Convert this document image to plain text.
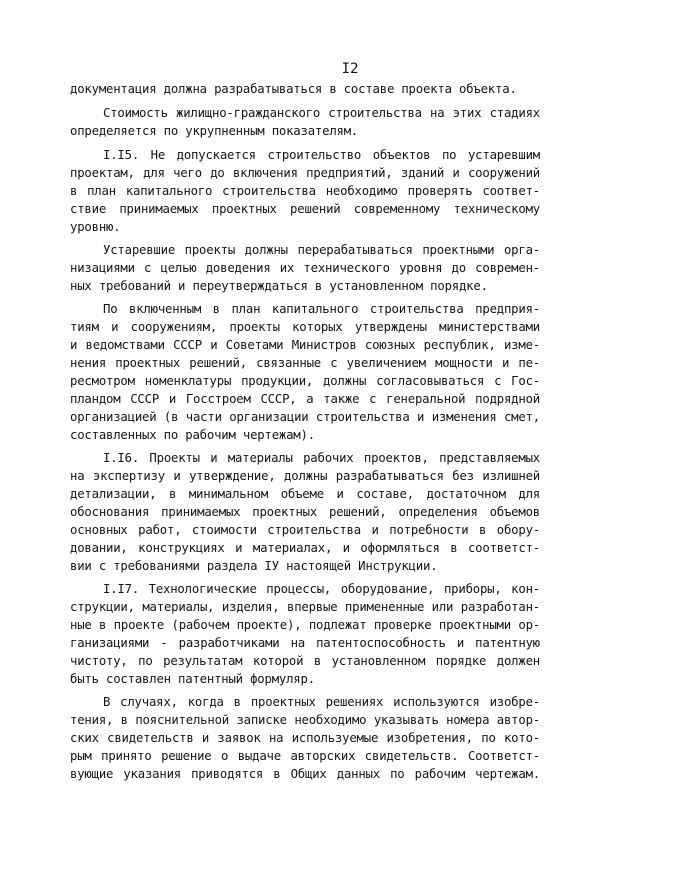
I2
документация должна разрабатываться в составе проекта объекта.
Стоимость жилищно-гражданского строительства на этих стадиях
определяется по укрупненным показателям.
I.I5. Не допускается строительство объектов по устаревшим
проектам, для чего до включения предприятий, зданий и сооружений
в план капитального строительства необходимо проверять соответ-
ствие принимаемых проектных решений современному техническому
уровню.
Устаревшие проекты должны перерабатываться проектными орга-
низациями с целью доведения их технического уровня до современ-
ных требований и переутверждаться в установленном порядке.
По включенным в план капитального строительства предприя-
тиям и сооружениям, проекты которых утверждены министерствами
и ведомствами СССР и Советами Министров союзных республик, изме-
нения проектных решений, связанные с увеличением мощности и пе-
ресмотром номенклатуры продукции, должны согласовываться с Гос-
пландом СССР и Госстроем СССР, а также с генеральной подрядной
организацией (в части организации строительства и изменения смет,
составленных по рабочим чертежам).
I.I6. Проекты и материалы рабочих проектов, представляемых
на экспертизу и утверждение, должны разрабатываться без излишней
детализации, в минимальном объеме и составе, достаточном для
обоснования принимаемых проектных решений, определения объемов
основных работ, стоимости строительства и потребности в обору-
довании, конструкциях и материалах, и оформляться в соответст-
вии с требованиями раздела IУ настоящей Инструкции.
I.I7. Технологические процессы, оборудование, приборы, кон-
струкции, материалы, изделия, впервые примененные или разработан-
ные в проекте (рабочем проекте), подлежат проверке проектными ор-
ганизациями - разработчиками на патентоспособность и патентную
чистоту, по результатам которой в установленном порядке должен
быть составлен патентный формуляр.
В случаях, когда в проектных решениях используются изобре-
тения, в пояснительной записке необходимо указывать номера автор-
ских свидетельств и заявок на используемые изобретения, по кото-
рым принято решение о выдаче авторских свидетельств. Соответст-
вующие указания приводятся в Общих данных по рабочим чертежам.
